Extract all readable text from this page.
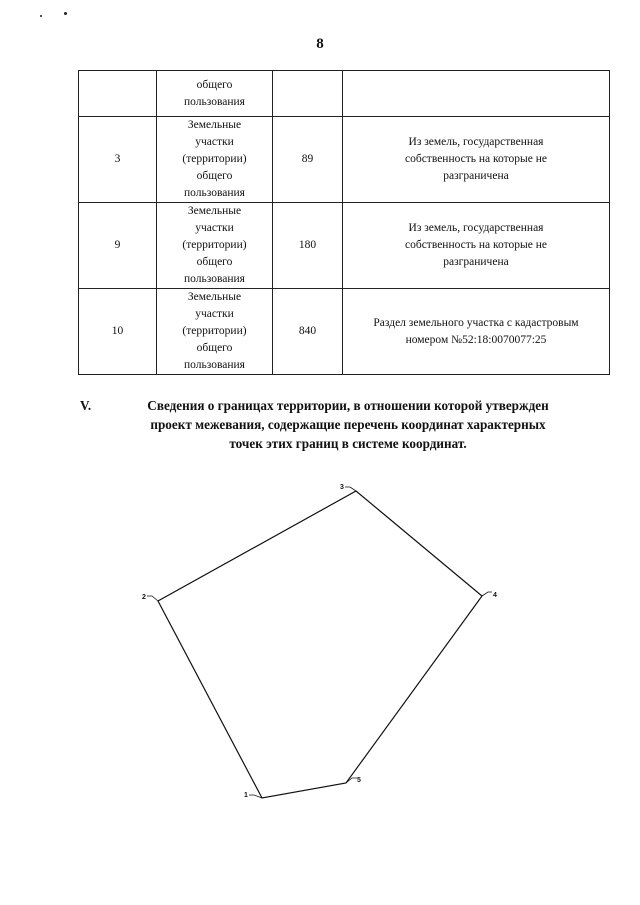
8

	общего
пользования		

3	Земельные
участки
(территории)
общего
пользования	89	Из земель, государственная
собственность на которые не
разграничена

9	Земельные
участки
(территории)
общего
пользования	180	Из земель, государственная
собственность на которые не
разграничена

10	Земельные
участки
(территории)
общего
пользования	840	Раздел земельного участка с кадастровым
номером №52:18:0070077:25
V.	Сведения о границах территории, в отношении которой утвержден
проект межевания, содержащие перечень координат характерных
точек этих границ в системе координат.
1
2
3
4
5
